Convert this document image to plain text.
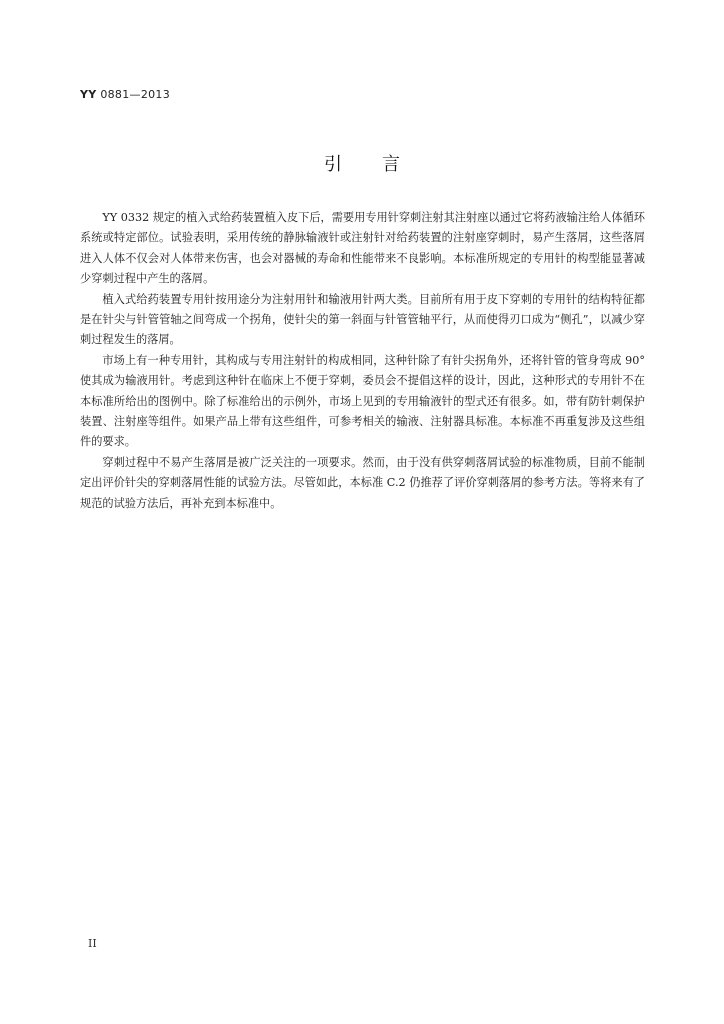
YY 0881—2013
引言

YY 0332 规定的植入式给药装置植入皮下后，需要用专用针穿刺注射其注射座以通过它将药液输注给人体循环系统或特定部位。试验表明，采用传统的静脉输液针或注射针对给药装置的注射座穿刺时，易产生落屑，这些落屑进入人体不仅会对人体带来伤害，也会对器械的寿命和性能带来不良影响。本标准所规定的专用针的构型能显著减少穿刺过程中产生的落屑。

植入式给药装置专用针按用途分为注射用针和输液用针两大类。目前所有用于皮下穿刺的专用针的结构特征都是在针尖与针管管轴之间弯成一个拐角，使针尖的第一斜面与针管管轴平行，从而使得刃口成为“侧孔”，以减少穿刺过程发生的落屑。

市场上有一种专用针，其构成与专用注射针的构成相同，这种针除了有针尖拐角外，还将针管的管身弯成 90°使其成为输液用针。考虑到这种针在临床上不便于穿刺，委员会不提倡这样的设计，因此，这种形式的专用针不在本标准所给出的图例中。除了标准给出的示例外，市场上见到的专用输液针的型式还有很多。如，带有防针刺保护装置、注射座等组件。如果产品上带有这些组件，可参考相关的输液、注射器具标准。本标准不再重复涉及这些组件的要求。

穿刺过程中不易产生落屑是被广泛关注的一项要求。然而，由于没有供穿刺落屑试验的标准物质，目前不能制定出评价针尖的穿刺落屑性能的试验方法。尽管如此，本标准 C.2 仍推荐了评价穿刺落屑的参考方法。等将来有了规范的试验方法后，再补充到本标准中。

II
